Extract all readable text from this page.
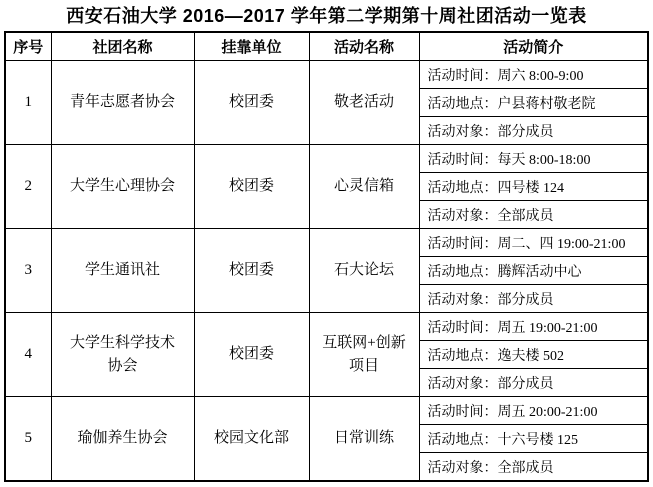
西安石油大学 2016—2017 学年第二学期第十周社团活动一览表
序号	社团名称	挂靠单位	活动名称	活动简介
1	青年志愿者协会	校团委	敬老活动	活动时间：周六 8:00-9:00
				活动地点：户县蒋村敬老院
				活动对象：部分成员
2	大学生心理协会	校团委	心灵信箱	活动时间：每天 8:00-18:00
				活动地点：四号楼 124
				活动对象：全部成员
3	学生通讯社	校团委	石大论坛	活动时间：周二、四 19:00-21:00
				活动地点：腾辉活动中心
				活动对象：部分成员
4	大学生科学技术协会	校团委	互联网+创新项目	活动时间：周五 19:00-21:00
				活动地点：逸夫楼 502
				活动对象：部分成员
5	瑜伽养生协会	校园文化部	日常训练	活动时间：周五 20:00-21:00
				活动地点：十六号楼 125
				活动对象：全部成员
